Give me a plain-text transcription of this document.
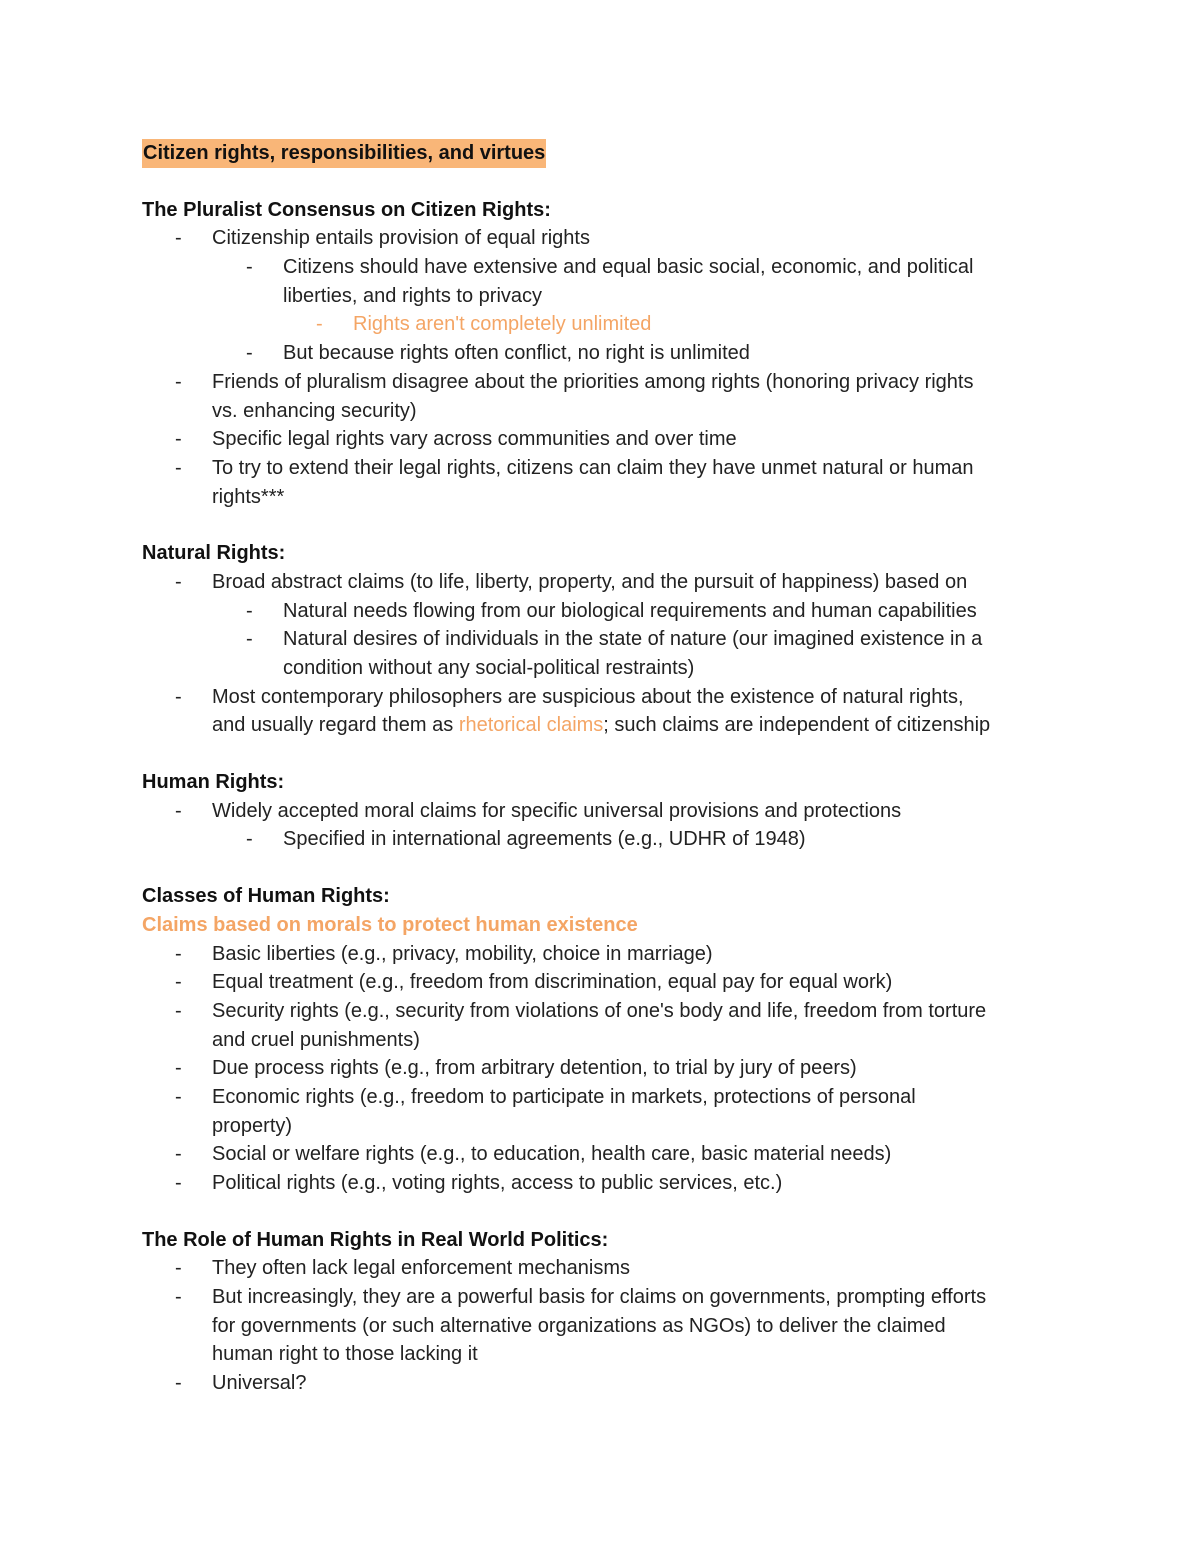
Citizen rights, responsibilities, and virtues
The Pluralist Consensus on Citizen Rights:
- Citizenship entails provision of equal rights
- Citizens should have extensive and equal basic social, economic, and political
liberties, and rights to privacy
- Rights aren't completely unlimited
- But because rights often conflict, no right is unlimited
- Friends of pluralism disagree about the priorities among rights (honoring privacy rights
vs. enhancing security)
- Specific legal rights vary across communities and over time
- To try to extend their legal rights, citizens can claim they have unmet natural or human
rights***
Natural Rights:
- Broad abstract claims (to life, liberty, property, and the pursuit of happiness) based on
- Natural needs flowing from our biological requirements and human capabilities
- Natural desires of individuals in the state of nature (our imagined existence in a
condition without any social-political restraints)
- Most contemporary philosophers are suspicious about the existence of natural rights,
and usually regard them as rhetorical claims; such claims are independent of citizenship
Human Rights:
- Widely accepted moral claims for specific universal provisions and protections
- Specified in international agreements (e.g., UDHR of 1948)
Classes of Human Rights:
Claims based on morals to protect human existence
- Basic liberties (e.g., privacy, mobility, choice in marriage)
- Equal treatment (e.g., freedom from discrimination, equal pay for equal work)
- Security rights (e.g., security from violations of one's body and life, freedom from torture
and cruel punishments)
- Due process rights (e.g., from arbitrary detention, to trial by jury of peers)
- Economic rights (e.g., freedom to participate in markets, protections of personal
property)
- Social or welfare rights (e.g., to education, health care, basic material needs)
- Political rights (e.g., voting rights, access to public services, etc.)
The Role of Human Rights in Real World Politics:
- They often lack legal enforcement mechanisms
- But increasingly, they are a powerful basis for claims on governments, prompting efforts
for governments (or such alternative organizations as NGOs) to deliver the claimed
human right to those lacking it
- Universal?
